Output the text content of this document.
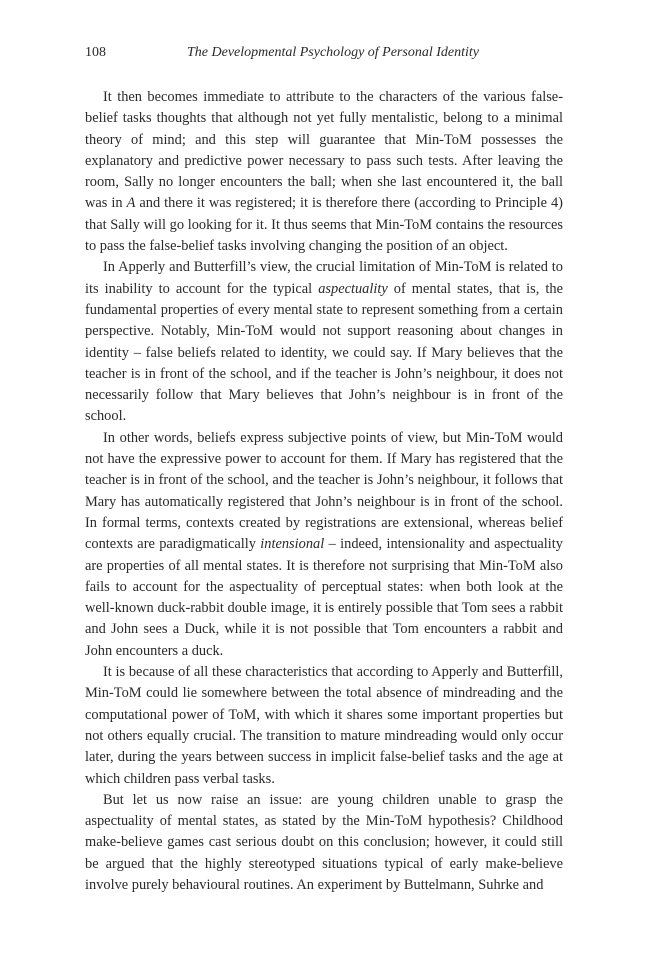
108	The Developmental Psychology of Personal Identity

It then becomes immediate to attribute to the characters of the various false-belief tasks thoughts that although not yet fully mentalistic, belong to a minimal theory of mind; and this step will guarantee that Min-ToM possesses the explanatory and predictive power necessary to pass such tests. After leaving the room, Sally no longer encounters the ball; when she last encountered it, the ball was in A and there it was registered; it is therefore there (according to Principle 4) that Sally will go looking for it. It thus seems that Min-ToM contains the resources to pass the false-belief tasks involving changing the position of an object.

In Apperly and Butterfill’s view, the crucial limitation of Min-ToM is related to its inability to account for the typical aspectuality of mental states, that is, the fundamental properties of every mental state to represent something from a certain perspective. Notably, Min-ToM would not support reasoning about changes in identity – false beliefs related to identity, we could say. If Mary believes that the teacher is in front of the school, and if the teacher is John’s neighbour, it does not necessarily follow that Mary believes that John’s neighbour is in front of the school.

In other words, beliefs express subjective points of view, but Min-ToM would not have the expressive power to account for them. If Mary has registered that the teacher is in front of the school, and the teacher is John’s neighbour, it follows that Mary has automatically registered that John’s neighbour is in front of the school. In formal terms, contexts created by registrations are extensional, whereas belief contexts are paradigmatically intensional – indeed, intensionality and aspectuality are properties of all mental states. It is therefore not surprising that Min-ToM also fails to account for the aspectuality of perceptual states: when both look at the well-known duck-rabbit double image, it is entirely possible that Tom sees a rabbit and John sees a Duck, while it is not possible that Tom encounters a rabbit and John encounters a duck.

It is because of all these characteristics that according to Apperly and Butterfill, Min-ToM could lie somewhere between the total absence of mindreading and the computational power of ToM, with which it shares some important properties but not others equally crucial. The transition to mature mindreading would only occur later, during the years between success in implicit false-belief tasks and the age at which children pass verbal tasks.

But let us now raise an issue: are young children unable to grasp the aspectuality of mental states, as stated by the Min-ToM hypothesis? Childhood make-believe games cast serious doubt on this conclusion; however, it could still be argued that the highly stereotyped situations typical of early make-believe involve purely behavioural routines. An experiment by Buttelmann, Suhrke and
